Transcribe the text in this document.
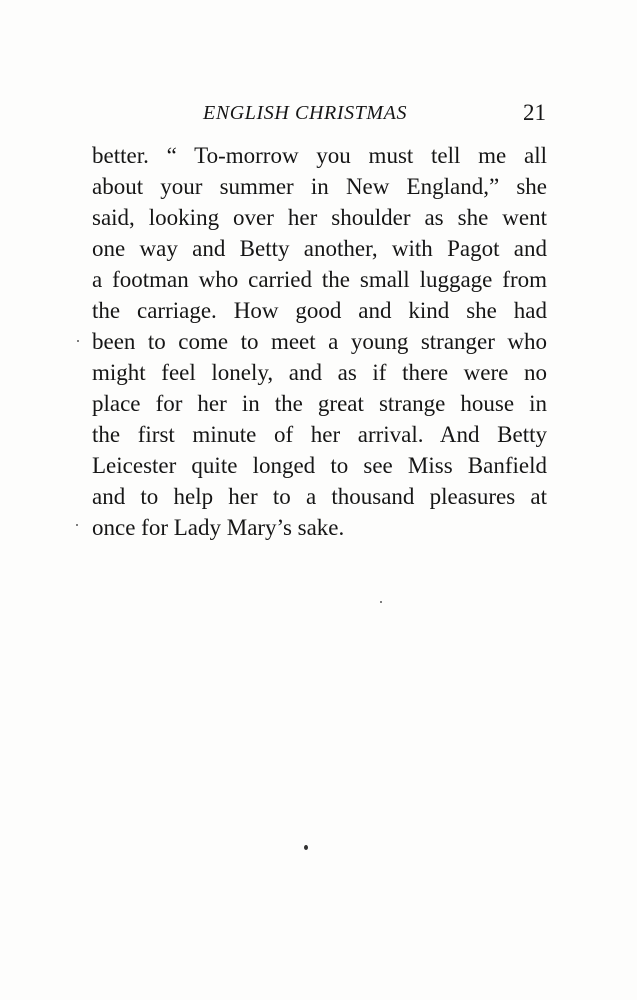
ENGLISH CHRISTMAS	21

better. “ To-morrow you must tell me all
about your summer in New England,” she
said, looking over her shoulder as she went
one way and Betty another, with Pagot and
a footman who carried the small luggage from
the carriage. How good and kind she had
been to come to meet a young stranger who
might feel lonely, and as if there were no
place for her in the great strange house in
the first minute of her arrival. And Betty
Leicester quite longed to see Miss Banfield
and to help her to a thousand pleasures at
once for Lady Mary’s sake.
